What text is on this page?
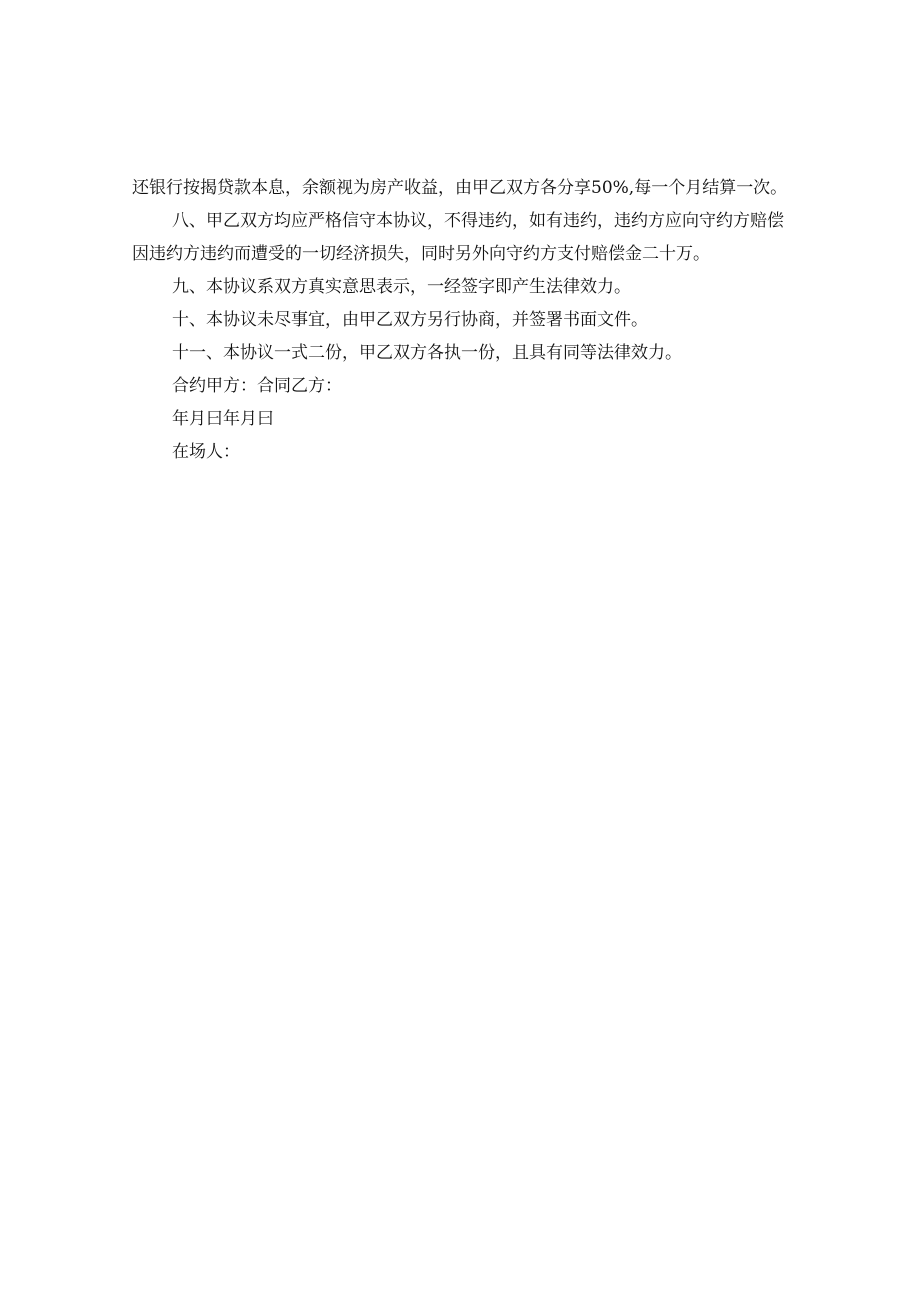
还银行按揭贷款本息，余额视为房产收益，由甲乙双方各分享50%,每一个月结算一次。

八、甲乙双方均应严格信守本协议，不得违约，如有违约，违约方应向守约方赔偿
因违约方违约而遭受的一切经济损失，同时另外向守约方支付赔偿金二十万。

九、本协议系双方真实意思表示，一经签字即产生法律效力。

十、本协议未尽事宜，由甲乙双方另行协商，并签署书面文件。

十一、本协议一式二份，甲乙双方各执一份，且具有同等法律效力。

合约甲方：合同乙方：

年月曰年月曰

在场人：
